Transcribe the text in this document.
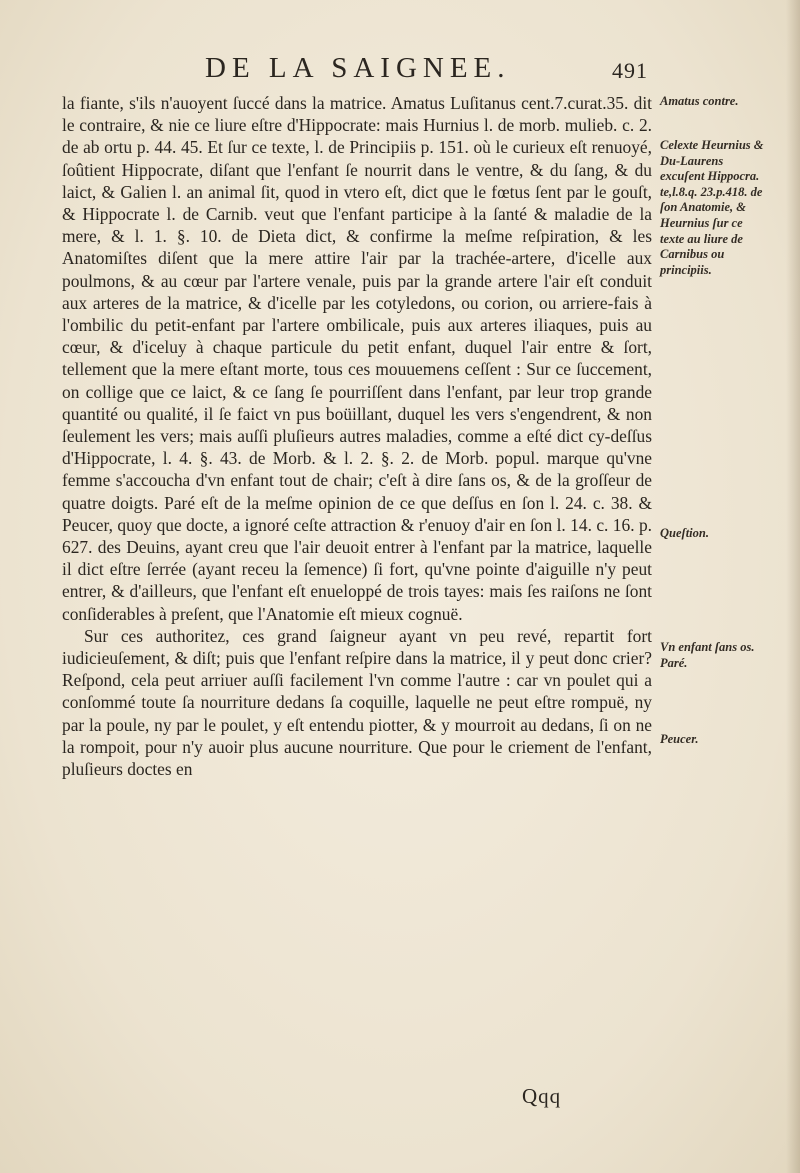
DE LA SAIGNEE.	491

la fiante, s'ils n'auoyent ſuccé dans la matrice. Amatus Luſitanus cent.7.curat.35. dit le contraire, & nie ce liure eſtre d'Hippocrate: mais Hurnius l. de morb. mulieb. c. 2. de ab ortu p. 44. 45. Et ſur ce texte, l. de Principiis p. 151. où le curieux eſt renuoyé, ſoûtient Hippocrate, diſant que l'enfant ſe nourrit dans le ventre, & du ſang, & du laict, & Galien l. an animal ſit, quod in vtero eſt, dict que le fœtus ſent par le gouſt, & Hippocrate l. de Carnib. veut que l'enfant participe à la ſanté & maladie de la mere, & l. 1. §. 10. de Dieta dict, & confirme la meſme reſpiration, & les Anatomiſtes diſent que la mere attire l'air par la trachée-artere, d'icelle aux poulmons, & au cœur par l'artere venale, puis par la grande artere l'air eſt conduit aux arteres de la matrice, & d'icelle par les cotyledons, ou corion, ou arriere-fais à l'ombilic du petit-enfant par l'artere ombilicale, puis aux arteres iliaques, puis au cœur, & d'iceluy à chaque particule du petit enfant, duquel l'air entre & ſort, tellement que la mere eſtant morte, tous ces mouuemens ceſſent : Sur ce ſuccement, on collige que ce laict, & ce ſang ſe pourriſſent dans l'enfant, par leur trop grande quantité ou qualité, il ſe faict vn pus boüillant, duquel les vers s'engendrent, & non ſeulement les vers; mais auſſi pluſieurs autres maladies, comme a eſté dict cy-deſſus d'Hippocrate, l. 4. §. 43. de Morb. & l. 2. §. 2. de Morb. popul. marque qu'vne femme s'accoucha d'vn enfant tout de chair; c'eſt à dire ſans os, & de la groſſeur de quatre doigts. Paré eſt de la meſme opinion de ce que deſſus en ſon l. 24. c. 38. & Peucer, quoy que docte, a ignoré ceſte attraction & r'enuoy d'air en ſon l. 14. c. 16. p. 627. des Deuins, ayant creu que l'air deuoit entrer à l'enfant par la matrice, laquelle il dict eſtre ſerrée (ayant receu la ſemence) ſi fort, qu'vne pointe d'aiguille n'y peut entrer, & d'ailleurs, que l'enfant eſt enueloppé de trois tayes: mais ſes raiſons ne ſont conſiderables à preſent, que l'Anatomie eſt mieux cognuë.

Sur ces authoritez, ces grand ſaigneur ayant vn peu revé, repartit fort iudicieuſement, & diſt; puis que l'enfant reſpire dans la matrice, il y peut donc crier? Reſpond, cela peut arriuer auſſi facilement l'vn comme l'autre : car vn poulet qui a conſommé toute ſa nourriture dedans ſa coquille, laquelle ne peut eſtre rompuë, ny par la poule, ny par le poulet, y eſt entendu piotter, & y mourroit au dedans, ſi on ne la rompoit, pour n'y auoir plus aucune nourriture. Que pour le criement de l'enfant, pluſieurs doctes en

Amatus contre.
Celexte Heurnius & Du-Laurens excuſent Hippocra. te,l.8.q. 23.p.418. de ſon Anatomie, & Heurnius ſur ce texte au liure de Carnibus ou principiis.
Queſtion.
Vn enfant ſans os. Paré.
Peucer.
Qqq
